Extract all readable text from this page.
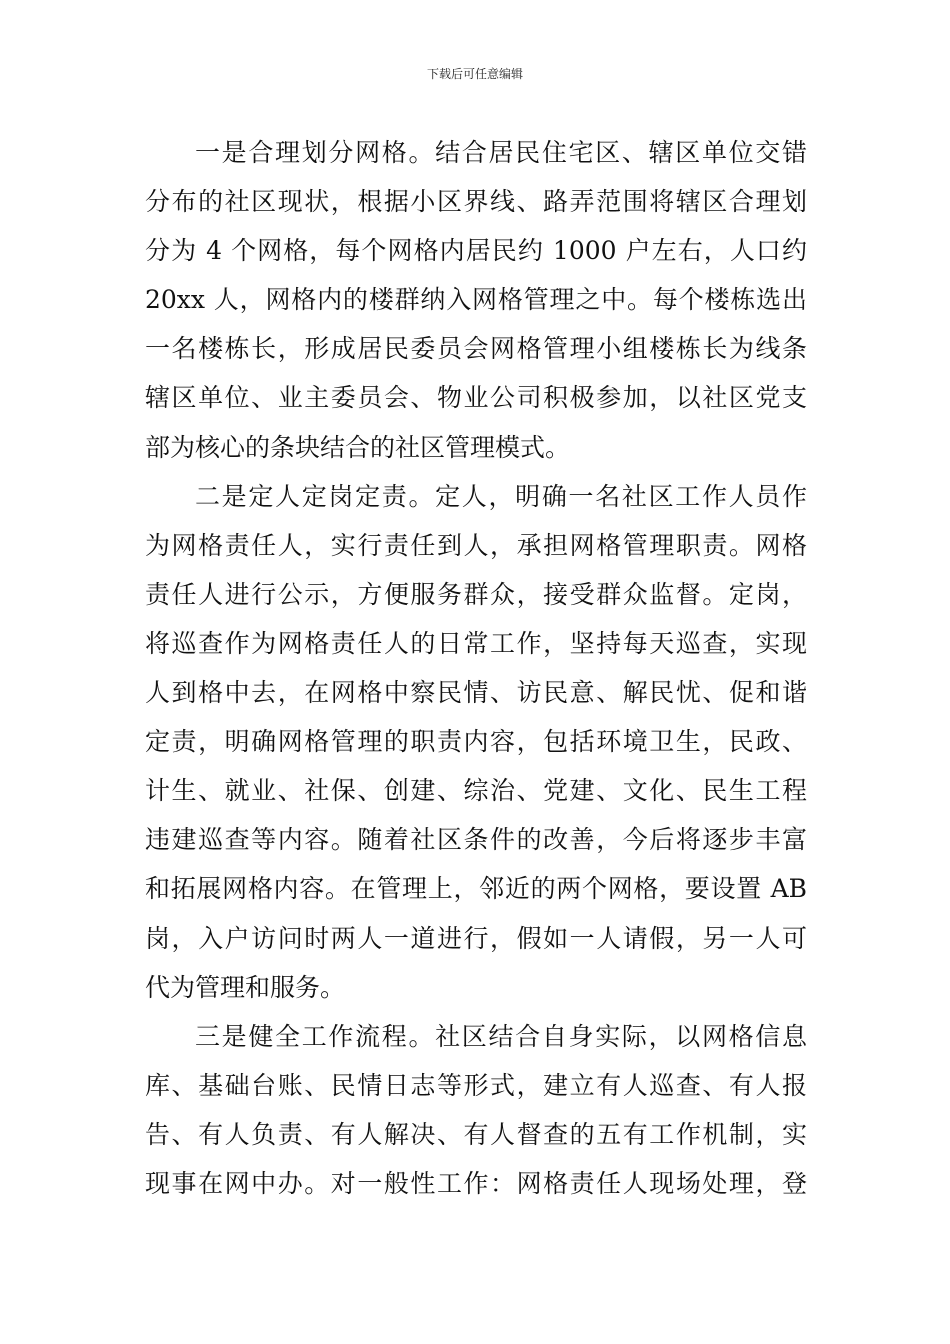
下载后可任意编辑
一是合理划分网格。结合居民住宅区、辖区单位交错
分布的社区现状，根据小区界线、路弄范围将辖区合理划
分为 4 个网格，每个网格内居民约 1000 户左右，人口约
20xx 人，网格内的楼群纳入网格管理之中。每个楼栋选出
一名楼栋长，形成居民委员会网格管理小组楼栋长为线条
辖区单位、业主委员会、物业公司积极参加，以社区党支
部为核心的条块结合的社区管理模式。
二是定人定岗定责。定人，明确一名社区工作人员作
为网格责任人，实行责任到人，承担网格管理职责。网格
责任人进行公示，方便服务群众，接受群众监督。定岗，
将巡查作为网格责任人的日常工作，坚持每天巡查，实现
人到格中去，在网格中察民情、访民意、解民忧、促和谐
定责，明确网格管理的职责内容，包括环境卫生，民政、
计生、就业、社保、创建、综治、党建、文化、民生工程
违建巡查等内容。随着社区条件的改善，今后将逐步丰富
和拓展网格内容。在管理上，邻近的两个网格，要设置 AB
岗，入户访问时两人一道进行，假如一人请假，另一人可
代为管理和服务。
三是健全工作流程。社区结合自身实际，以网格信息
库、基础台账、民情日志等形式，建立有人巡查、有人报
告、有人负责、有人解决、有人督查的五有工作机制，实
现事在网中办。对一般性工作：网格责任人现场处理，登
